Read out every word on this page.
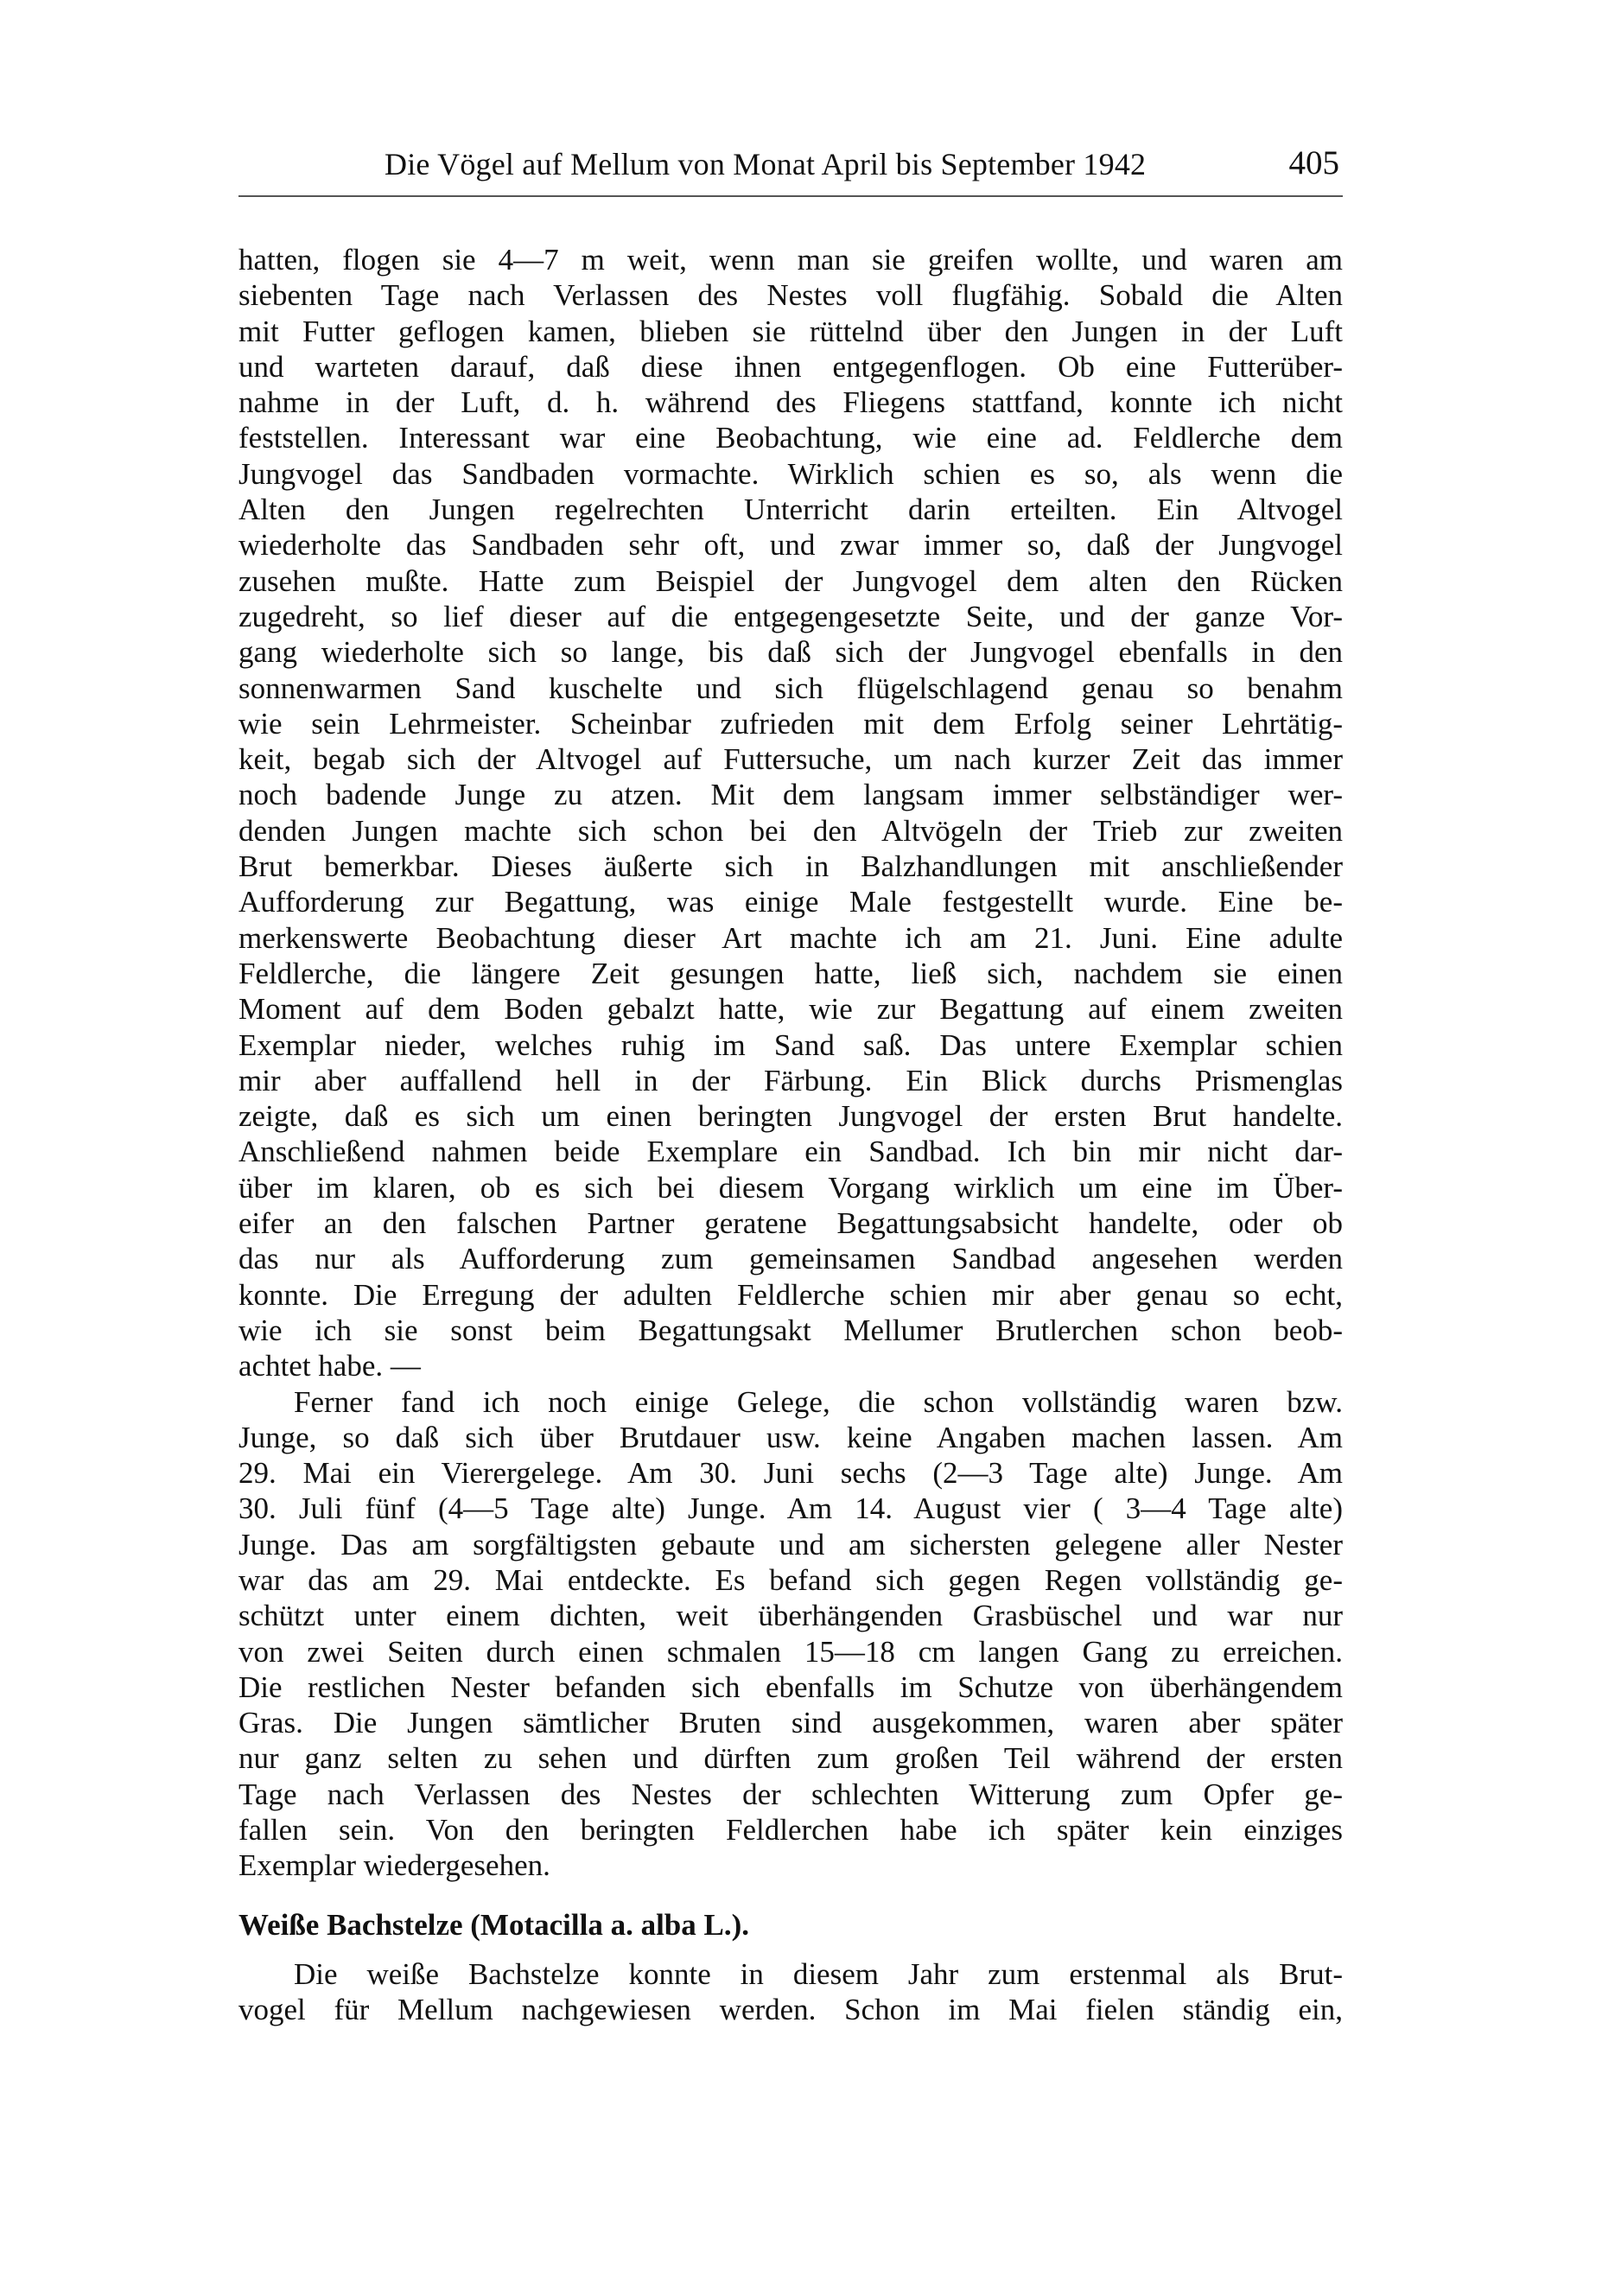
Die Vögel auf Mellum von Monat April bis September 1942	405
hatten, flogen sie 4—7 m weit, wenn man sie greifen wollte, und waren am
siebenten Tage nach Verlassen des Nestes voll flugfähig. Sobald die Alten
mit Futter geflogen kamen, blieben sie rüttelnd über den Jungen in der Luft
und warteten darauf, daß diese ihnen entgegenflogen. Ob eine Futterüber-
nahme in der Luft, d. h. während des Fliegens stattfand, konnte ich nicht
feststellen. Interessant war eine Beobachtung, wie eine ad. Feldlerche dem
Jungvogel das Sandbaden vormachte. Wirklich schien es so, als wenn die
Alten den Jungen regelrechten Unterricht darin erteilten. Ein Altvogel
wiederholte das Sandbaden sehr oft, und zwar immer so, daß der Jungvogel
zusehen mußte. Hatte zum Beispiel der Jungvogel dem alten den Rücken
zugedreht, so lief dieser auf die entgegengesetzte Seite, und der ganze Vor-
gang wiederholte sich so lange, bis daß sich der Jungvogel ebenfalls in den
sonnenwarmen Sand kuschelte und sich flügelschlagend genau so benahm
wie sein Lehrmeister. Scheinbar zufrieden mit dem Erfolg seiner Lehrtätig-
keit, begab sich der Altvogel auf Futtersuche, um nach kurzer Zeit das immer
noch badende Junge zu atzen. Mit dem langsam immer selbständiger wer-
denden Jungen machte sich schon bei den Altvögeln der Trieb zur zweiten
Brut bemerkbar. Dieses äußerte sich in Balzhandlungen mit anschließender
Aufforderung zur Begattung, was einige Male festgestellt wurde. Eine be-
merkenswerte Beobachtung dieser Art machte ich am 21. Juni. Eine adulte
Feldlerche, die längere Zeit gesungen hatte, ließ sich, nachdem sie einen
Moment auf dem Boden gebalzt hatte, wie zur Begattung auf einem zweiten
Exemplar nieder, welches ruhig im Sand saß. Das untere Exemplar schien
mir aber auffallend hell in der Färbung. Ein Blick durchs Prismenglas
zeigte, daß es sich um einen beringten Jungvogel der ersten Brut handelte.
Anschließend nahmen beide Exemplare ein Sandbad. Ich bin mir nicht dar-
über im klaren, ob es sich bei diesem Vorgang wirklich um eine im Über-
eifer an den falschen Partner geratene Begattungsabsicht handelte, oder ob
das nur als Aufforderung zum gemeinsamen Sandbad angesehen werden
konnte. Die Erregung der adulten Feldlerche schien mir aber genau so echt,
wie ich sie sonst beim Begattungsakt Mellumer Brutlerchen schon beob-
achtet habe. —
Ferner fand ich noch einige Gelege, die schon vollständig waren bzw.
Junge, so daß sich über Brutdauer usw. keine Angaben machen lassen. Am
29. Mai ein Vierergelege. Am 30. Juni sechs (2—3 Tage alte) Junge. Am
30. Juli fünf (4—5 Tage alte) Junge. Am 14. August vier ( 3—4 Tage alte)
Junge. Das am sorgfältigsten gebaute und am sichersten gelegene aller Nester
war das am 29. Mai entdeckte. Es befand sich gegen Regen vollständig ge-
schützt unter einem dichten, weit überhängenden Grasbüschel und war nur
von zwei Seiten durch einen schmalen 15—18 cm langen Gang zu erreichen.
Die restlichen Nester befanden sich ebenfalls im Schutze von überhängendem
Gras. Die Jungen sämtlicher Bruten sind ausgekommen, waren aber später
nur ganz selten zu sehen und dürften zum großen Teil während der ersten
Tage nach Verlassen des Nestes der schlechten Witterung zum Opfer ge-
fallen sein. Von den beringten Feldlerchen habe ich später kein einziges
Exemplar wiedergesehen.
Weiße Bachstelze (Motacilla a. alba L.).
Die weiße Bachstelze konnte in diesem Jahr zum erstenmal als Brut-
vogel für Mellum nachgewiesen werden. Schon im Mai fielen ständig ein,
